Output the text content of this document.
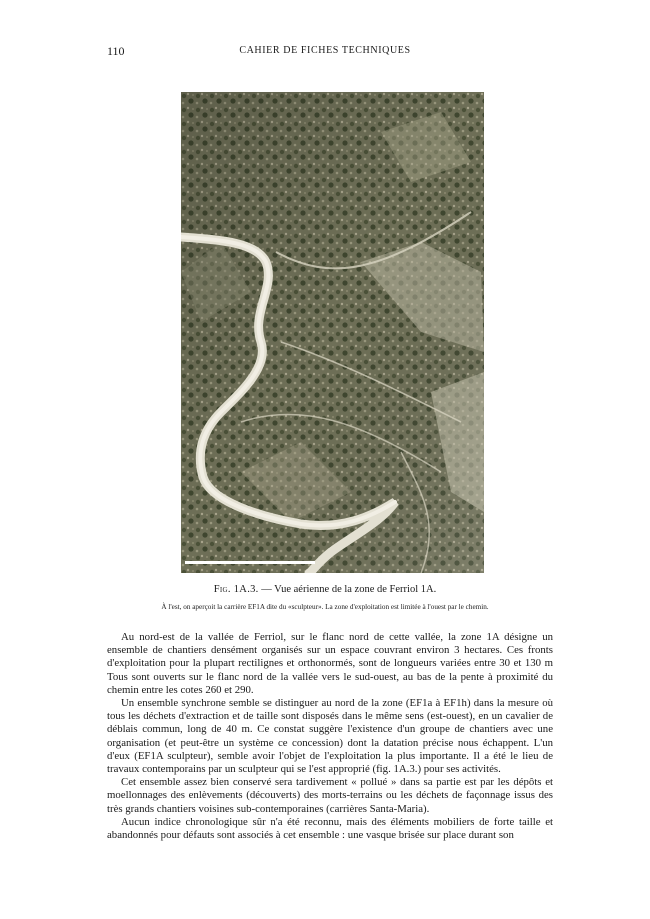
110	CAHIER DE FICHES TECHNIQUES
Fig. 1A.3. — Vue aérienne de la zone de Ferriol 1A.
À l'est, on aperçoit la carrière EF1A dite du «sculpteur». La zone d'exploitation est limitée à l'ouest par le chemin.

Au nord-est de la vallée de Ferriol, sur le flanc nord de cette vallée, la zone 1A désigne un ensemble de chantiers densément organisés sur un espace couvrant environ 3 hectares. Ces fronts d'exploitation pour la plupart rectilignes et orthonormés, sont de longueurs variées entre 30 et 130 m Tous sont ouverts sur le flanc nord de la vallée vers le sud-ouest, au bas de la pente à proximité du chemin entre les cotes 260 et 290.

Un ensemble synchrone semble se distinguer au nord de la zone (EF1a à EF1h) dans la mesure où tous les déchets d'extraction et de taille sont disposés dans le même sens (est-ouest), en un cavalier de déblais commun, long de 40 m. Ce constat suggère l'existence d'un groupe de chantiers avec une organisation (et peut-être un système ce concession) dont la datation précise nous échappent. L'un d'eux (EF1A sculpteur), semble avoir l'objet de l'exploitation la plus importante. Il a été le lieu de travaux contemporains par un sculpteur qui se l'est approprié (fig. 1A.3.) pour ses activités.

Cet ensemble assez bien conservé sera tardivement « pollué » dans sa partie est par les dépôts et moellonnages des enlèvements (découverts) des morts-terrains ou les déchets de façonnage issus des très grands chantiers voisines sub-contemporaines (carrières Santa-Maria).

Aucun indice chronologique sûr n'a été reconnu, mais des éléments mobiliers de forte taille et abandonnés pour défauts sont associés à cet ensemble : une vasque brisée sur place durant son
